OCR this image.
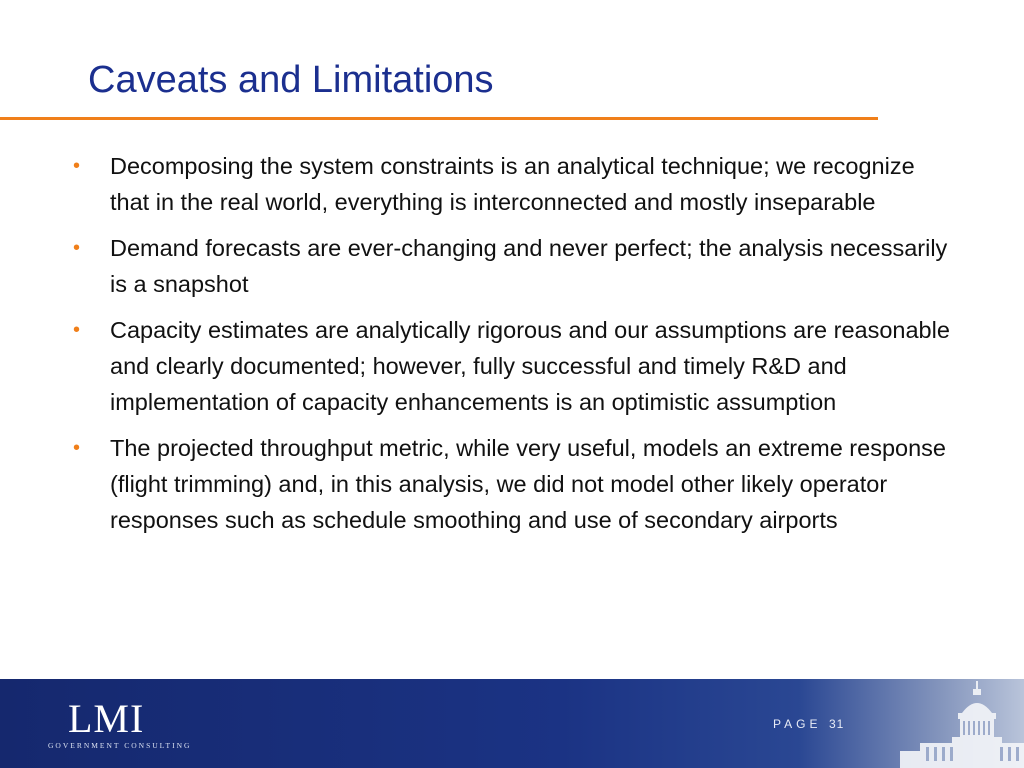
Caveats and Limitations
• Decomposing the system constraints is an analytical technique; we recognize that in the real world, everything is interconnected and mostly inseparable
• Demand forecasts are ever-changing and never perfect; the analysis necessarily is a snapshot
• Capacity estimates are analytically rigorous and our assumptions are reasonable and clearly documented; however, fully successful and timely R&D and implementation of capacity enhancements is an optimistic assumption
• The projected throughput metric, while very useful, models an extreme response (flight trimming) and, in this analysis, we did not model other likely operator responses such as schedule smoothing and use of secondary airports
LMI
GOVERNMENT CONSULTING
PAGE 31
